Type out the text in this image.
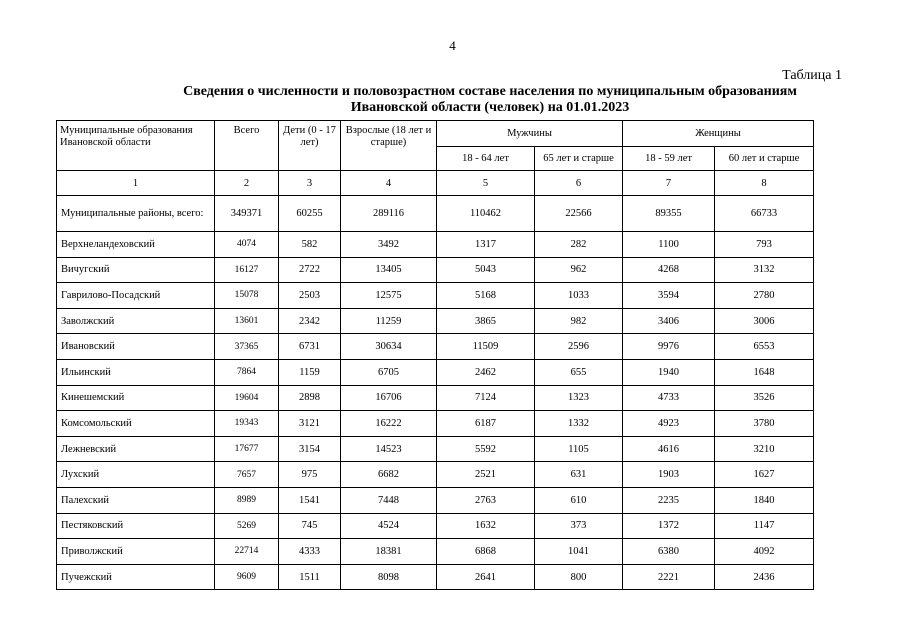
4
Таблица 1
Сведения о численности и половозрастном составе населения по муниципальным образованиям
Ивановской области (человек) на 01.01.2023
Муниципальные образования Ивановской области	Всего	Дети (0 - 17 лет)	Взрослые (18 лет и старше)	Мужчины		Женщины	
				18 - 64 лет	65 лет и старше	18 - 59 лет	60 лет и старше
1	2	3	4	5	6	7	8
Муниципальные районы, всего:	349371	60255	289116	110462	22566	89355	66733
Верхнеландеховский	4074	582	3492	1317	282	1100	793
Вичугский	16127	2722	13405	5043	962	4268	3132
Гаврилово-Посадский	15078	2503	12575	5168	1033	3594	2780
Заволжский	13601	2342	11259	3865	982	3406	3006
Ивановский	37365	6731	30634	11509	2596	9976	6553
Ильинский	7864	1159	6705	2462	655	1940	1648
Кинешемский	19604	2898	16706	7124	1323	4733	3526
Комсомольский	19343	3121	16222	6187	1332	4923	3780
Лежневский	17677	3154	14523	5592	1105	4616	3210
Лухский	7657	975	6682	2521	631	1903	1627
Палехский	8989	1541	7448	2763	610	2235	1840
Пестяковский	5269	745	4524	1632	373	1372	1147
Приволжский	22714	4333	18381	6868	1041	6380	4092
Пучежский	9609	1511	8098	2641	800	2221	2436
